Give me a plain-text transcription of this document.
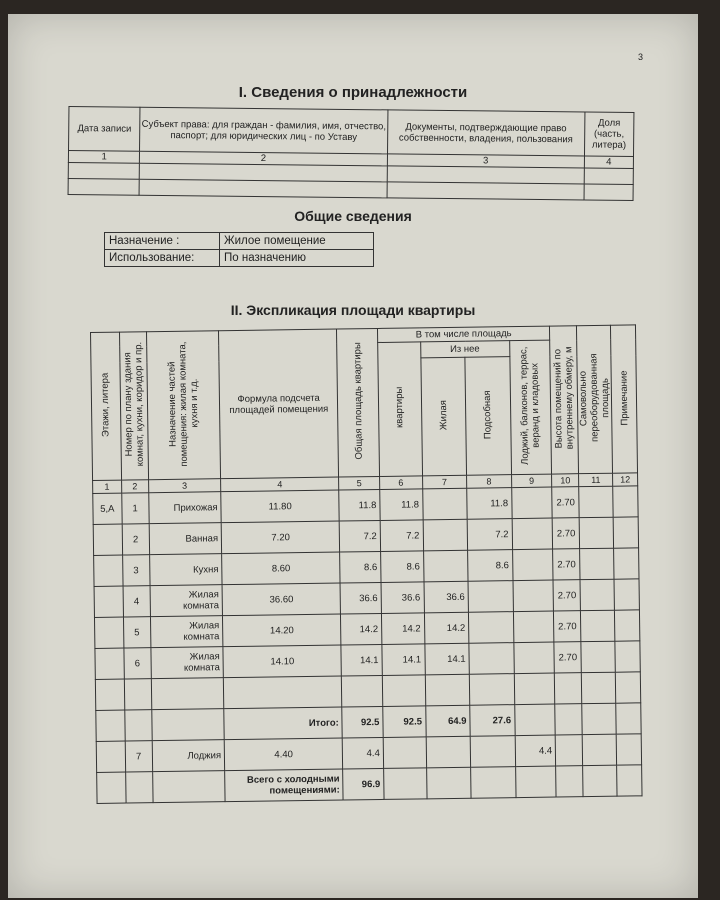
3
I. Сведения о принадлежности
Дата записи	Субъект права: для граждан - фамилия, имя, отчество, паспорт; для юридических лиц - по Уставу	Документы, подтверждающие право собственности, владения, пользования	Доля (часть, литера)
1	2	3	4

Общие сведения
Назначение :	Жилое помещение
Использование:	По назначению
II. Экспликация площади квартиры
Этажи, литера	Номер по плану здания комнат, кухни, коридор и пр.	Назначение частей помещения: жилая комната, кухня и т.д.	Формула подсчета площадей помещения	Общая площадь квартиры	В том числе площадь				Высота помещений по внутреннему обмеру, м	Самовольно переоборудованная площадь	Примечание
					квартиры	Из нее		Лоджий, балконов, террас, веранд и кладовых			
						Жилая	Подсобная				
1	2	3	4	5	6	7	8	9	10	11	12
5,А	1	Прихожая	11.80	11.8	11.8		11.8		2.70		
	2	Ванная	7.20	7.2	7.2		7.2		2.70		
	3	Кухня	8.60	8.6	8.6		8.6		2.70		
	4	Жилая комната	36.60	36.6	36.6	36.6			2.70		
	5	Жилая комната	14.20	14.2	14.2	14.2			2.70		
	6	Жилая комната	14.10	14.1	14.1	14.1			2.70		

			Итого:	92.5	92.5	64.9	27.6				
	7	Лоджия	4.40	4.4				4.4			
			Всего с холодными помещениями:	96.9							
